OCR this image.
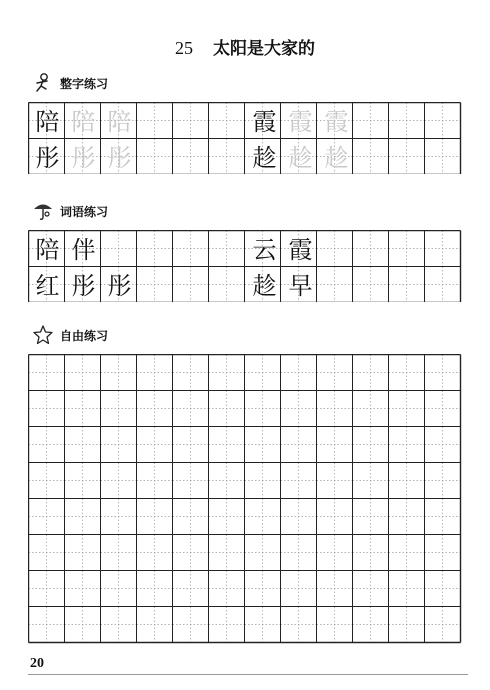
25 太阳是大家的
整字练习
陪 陪 陪	霞 霞 霞
彤 彤 彤	趁 趁 趁
词语练习
陪 伴	云 霞
红 彤 彤	趁 早
自由练习
20
